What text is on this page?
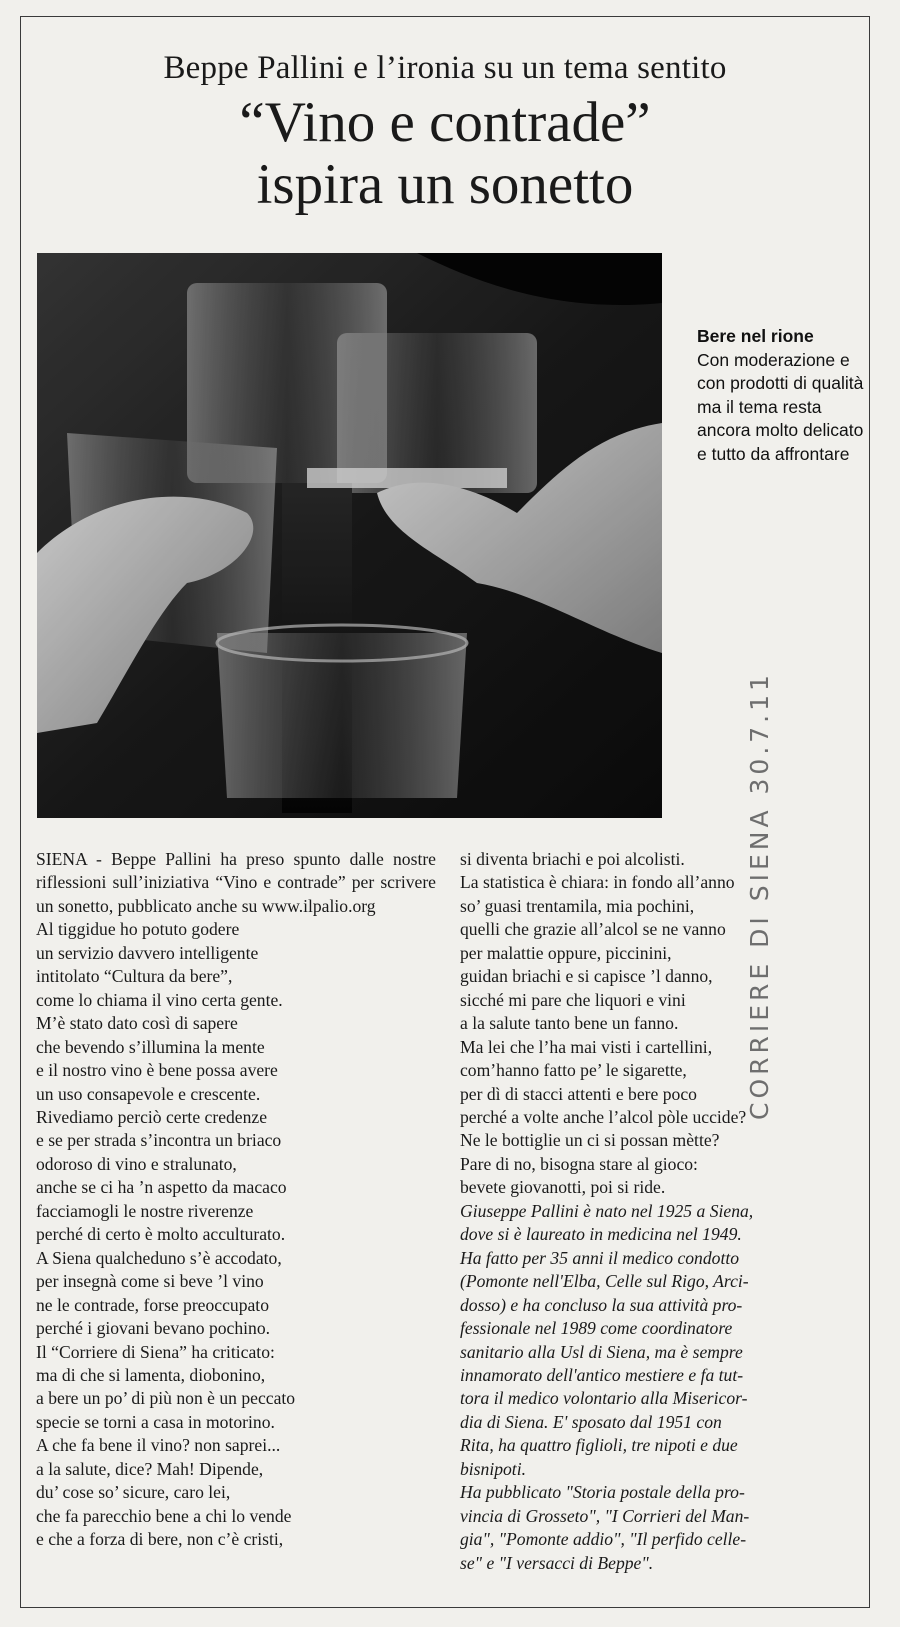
Beppe Pallini e l’ironia su un tema sentito
“Vino e contrade”
ispira un sonetto
Bere nel rione
Con moderazione e con prodotti di qualità ma il tema resta ancora molto delicato e tutto da affrontare
CORRIERE DI SIENA 30.7.11

SIENA - Beppe Pallini ha preso spunto dalle nostre riflessioni sull’iniziativa “Vino e contrade” per scrivere un sonetto, pubblicato anche su www.ilpalio.org

Al tiggidue ho potuto godere
un servizio davvero intelligente
intitolato “Cultura da bere”,
come lo chiama il vino certa gente.
M’è stato dato così di sapere
che bevendo s’illumina la mente
e il nostro vino è bene possa avere
un uso consapevole e crescente.
Rivediamo perciò certe credenze
e se per strada s’incontra un briaco
odoroso di vino e stralunato,
anche se ci ha ’n aspetto da macaco
facciamogli le nostre riverenze
perché di certo è molto acculturato.
A Siena qualcheduno s’è accodato,
per insegnà come si beve ’l vino
ne le contrade, forse preoccupato
perché i giovani bevano pochino.
Il “Corriere di Siena” ha criticato:
ma di che si lamenta, diobonino,
a bere un po’ di più non è un peccato
specie se torni a casa in motorino.
A che fa bene il vino? non saprei...
a la salute, dice? Mah! Dipende,
du’ cose so’ sicure, caro lei,
che fa parecchio bene a chi lo vende
e che a forza di bere, non c’è cristi,
si diventa briachi e poi alcolisti.
La statistica è chiara: in fondo all’anno
so’ guasi trentamila, mia pochini,
quelli che grazie all’alcol se ne vanno
per malattie oppure, piccinini,
guidan briachi e si capisce ’l danno,
sicché mi pare che liquori e vini
a la salute tanto bene un fanno.
Ma lei che l’ha mai visti i cartellini,
com’hanno fatto pe’ le sigarette,
per dì di stacci attenti e bere poco
perché a volte anche l’alcol pòle uccide?
Ne le bottiglie un ci si possan mètte?
Pare di no, bisogna stare al gioco:
bevete giovanotti, poi si ride.
Giuseppe Pallini è nato nel 1925 a Siena,
dove si è laureato in medicina nel 1949.
Ha fatto per 35 anni il medico condotto
(Pomonte nell'Elba, Celle sul Rigo, Arci-
dosso) e ha concluso la sua attività pro-
fessionale nel 1989 come coordinatore
sanitario alla Usl di Siena, ma è sempre
innamorato dell'antico mestiere e fa tut-
tora il medico volontario alla Misericor-
dia di Siena. E' sposato dal 1951 con
Rita, ha quattro figlioli, tre nipoti e due
bisnipoti.
Ha pubblicato "Storia postale della pro-
vincia di Grosseto", "I Corrieri del Man-
gia", "Pomonte addio", "Il perfido celle-
se" e "I versacci di Beppe".
